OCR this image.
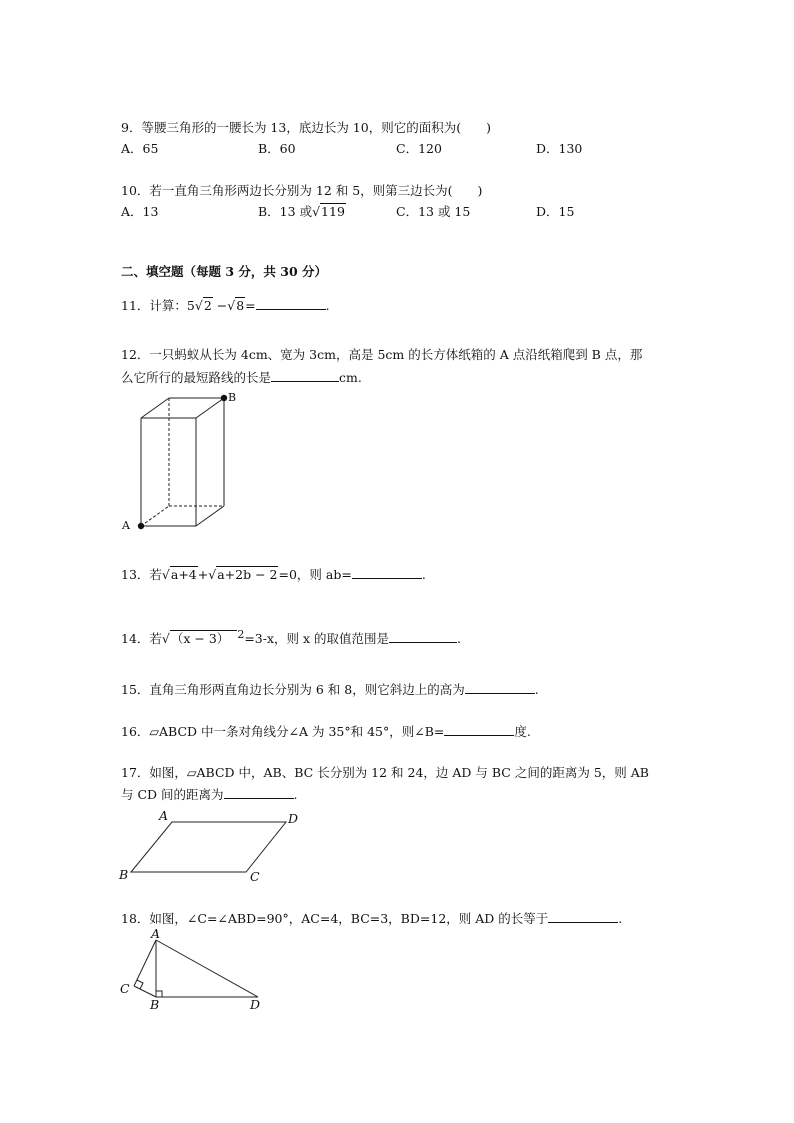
9．等腰三角形的一腰长为 13，底边长为 10，则它的面积为(　　)
A．65	B．60	C．120	D．130
10．若一直角三角形两边长分别为 12 和 5，则第三边长为(　　)
A．13	B．13 或√119	C．13 或 15	D．15
二、填空题（每题 3 分，共 30 分）
11．计算：5√2 −√8=	.
12．一只蚂蚁从长为 4cm、宽为 3cm，高是 5cm 的长方体纸箱的 A 点沿纸箱爬到 B 点，那
么它所行的最短路线的长是	cm.
A
B
13．若√a+4+√a+2b − 2=0，则 ab=	.
14．若√（x − 3） $^2$=3-x，则 x 的取值范围是	.
15．直角三角形两直角边长分别为 6 和 8，则它斜边上的高为	.
16．▱ABCD 中一条对角线分∠A 为 35°和 45°，则∠B=	度.
17．如图，▱ABCD 中，AB、BC 长分别为 12 和 24，边 AD 与 BC 之间的距离为 5，则 AB
与 CD 间的距离为	.
A	D
B	C
18．如图，∠C=∠ABD=90°，AC=4，BC=3，BD=12，则 AD 的长等于	.
A
C
B	D
